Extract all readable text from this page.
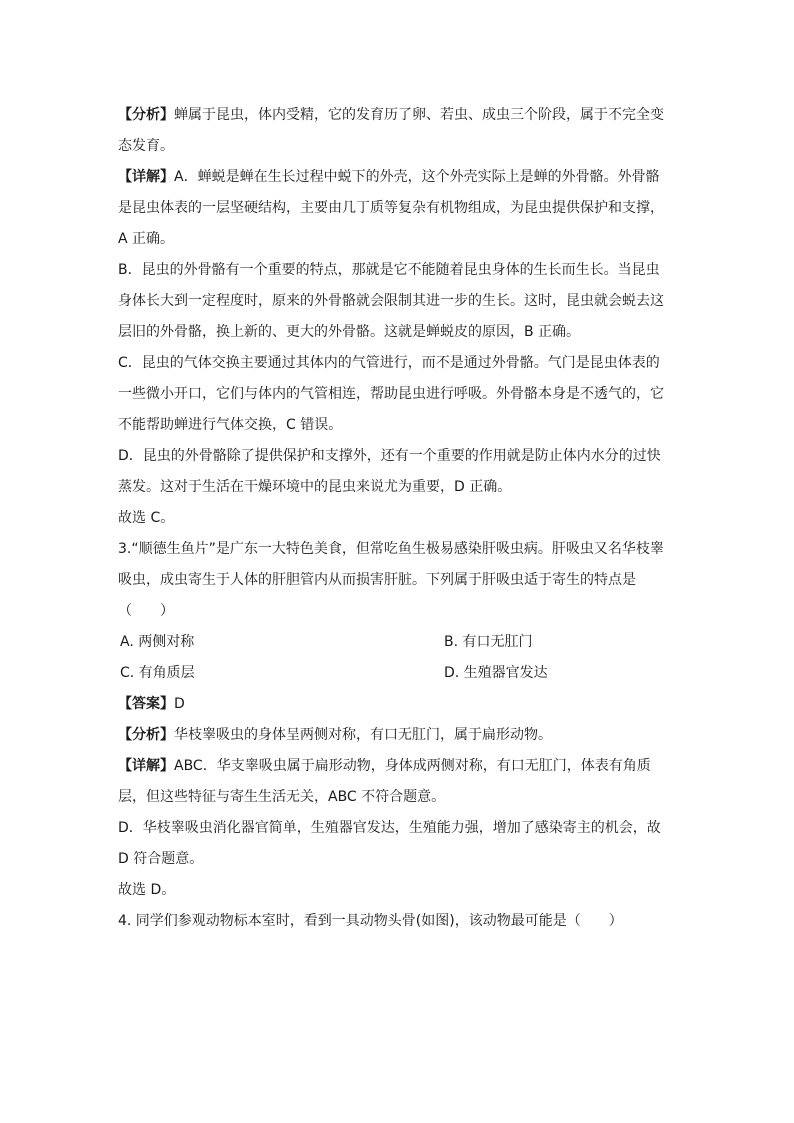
【分析】蝉属于昆虫，体内受精，它的发育历了卵、若虫、成虫三个阶段，属于不完全变
态发育。
【详解】A．蝉蜕是蝉在生长过程中蜕下的外壳，这个外壳实际上是蝉的外骨骼。外骨骼
是昆虫体表的一层坚硬结构，主要由几丁质等复杂有机物组成，为昆虫提供保护和支撑，
A 正确。
B．昆虫的外骨骼有一个重要的特点，那就是它不能随着昆虫身体的生长而生长。当昆虫
身体长大到一定程度时，原来的外骨骼就会限制其进一步的生长。这时，昆虫就会蜕去这
层旧的外骨骼，换上新的、更大的外骨骼。这就是蝉蜕皮的原因，B 正确。
C．昆虫的气体交换主要通过其体内的气管进行，而不是通过外骨骼。气门是昆虫体表的
一些微小开口，它们与体内的气管相连，帮助昆虫进行呼吸。外骨骼本身是不透气的，它
不能帮助蝉进行气体交换，C 错误。
D．昆虫的外骨骼除了提供保护和支撑外，还有一个重要的作用就是防止体内水分的过快
蒸发。这对于生活在干燥环境中的昆虫来说尤为重要，D 正确。
故选 C。
3.“顺德生鱼片”是广东一大特色美食，但常吃鱼生极易感染肝吸虫病。肝吸虫又名华枝睾
吸虫，成虫寄生于人体的肝胆管内从而损害肝脏。下列属于肝吸虫适于寄生的特点是
（　　）
A. 两侧对称	B. 有口无肛门
C. 有角质层	D. 生殖器官发达
【答案】D
【分析】华枝睾吸虫的身体呈两侧对称，有口无肛门，属于扁形动物。
【详解】ABC．华支睾吸虫属于扁形动物，身体成两侧对称，有口无肛门，体表有角质
层，但这些特征与寄生生活无关，ABC 不符合题意。
D．华枝睾吸虫消化器官简单，生殖器官发达，生殖能力强，增加了感染寄主的机会，故
D 符合题意。
故选 D。
4. 同学们参观动物标本室时，看到一具动物头骨(如图)，该动物最可能是（　　）
